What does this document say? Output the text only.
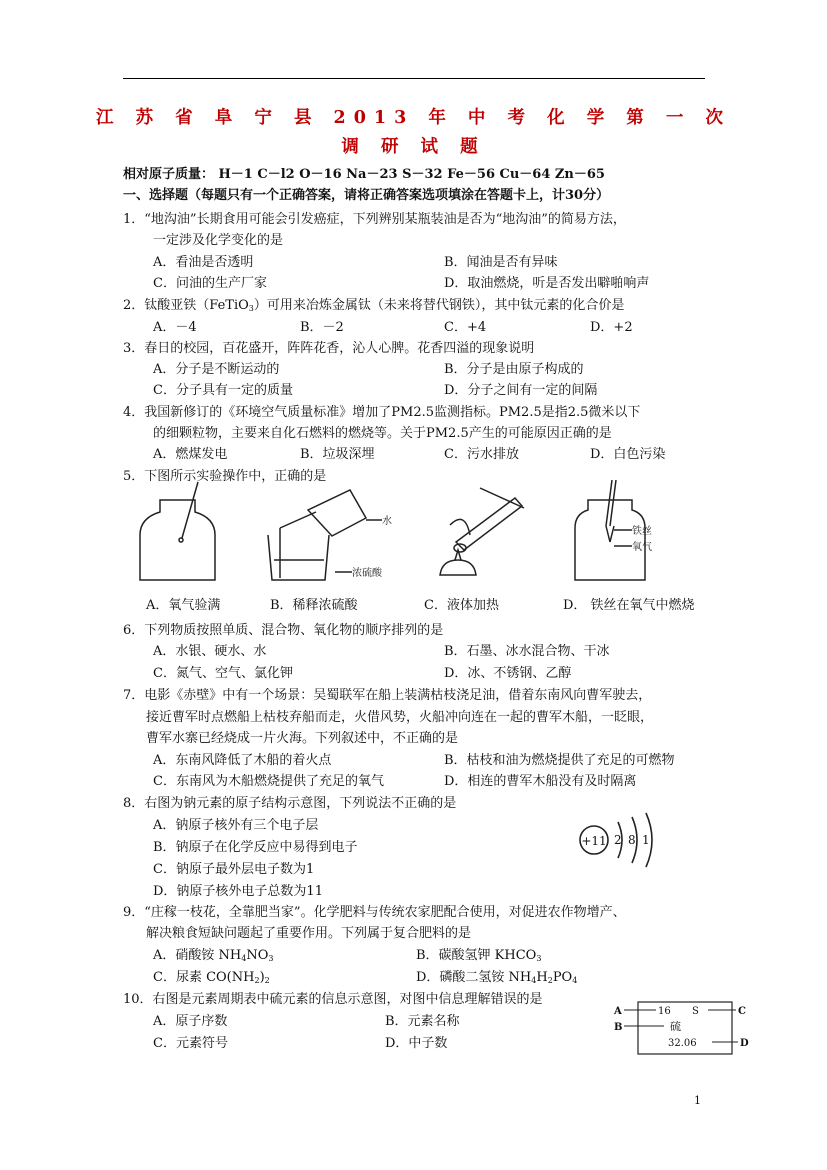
江 苏 省 阜 宁 县 2013 年 中 考 化 学 第 一 次
调 研 试 题
相对原子质量： H－1 C－l2 O－16 Na－23 S－32 Fe－56 Cu－64 Zn－65
一、选择题（每题只有一个正确答案，请将正确答案选项填涂在答题卡上，计30分）
1．“地沟油”长期食用可能会引发癌症，下列辨别某瓶装油是否为“地沟油”的简易方法，
一定涉及化学变化的是
A．看油是否透明	B．闻油是否有异味
C．问油的生产厂家	D．取油燃烧，听是否发出噼啪响声
2．钛酸亚铁（FeTiO$_3$）可用来冶炼金属钛（未来将替代钢铁），其中钛元素的化合价是
A．－4	B．－2	C．+4	D．+2
3．春日的校园，百花盛开，阵阵花香，沁人心脾。花香四溢的现象说明
A．分子是不断运动的	B．分子是由原子构成的
C．分子具有一定的质量	D．分子之间有一定的间隔
4．我国新修订的《环境空气质量标准》增加了PM2.5监测指标。PM2.5是指2.5微米以下
的细颗粒物，主要来自化石燃料的燃烧等。关于PM2.5产生的可能原因正确的是
A．燃煤发电	B．垃圾深埋	C．污水排放	D．白色污染
5．下图所示实验操作中，正确的是
水
浓硫酸
铁丝
氧气
A．氧气验满	B．稀释浓硫酸	C．液体加热	D． 铁丝在氧气中燃烧
6．下列物质按照单质、混合物、氧化物的顺序排列的是
A．水银、硬水、水	B．石墨、冰水混合物、干冰
C．氮气、空气、氯化钾	D．冰、不锈钢、乙醇
7．电影《赤壁》中有一个场景：吴蜀联军在船上装满枯枝浇足油，借着东南风向曹军驶去，
接近曹军时点燃船上枯枝弃船而走，火借风势，火船冲向连在一起的曹军木船，一眨眼，
曹军水寨已经烧成一片火海。下列叙述中，不正确的是
A．东南风降低了木船的着火点	B．枯枝和油为燃烧提供了充足的可燃物
C．东南风为木船燃烧提供了充足的氧气	D．相连的曹军木船没有及时隔离
8．右图为钠元素的原子结构示意图，下列说法不正确的是
A．钠原子核外有三个电子层
B．钠原子在化学反应中易得到电子
C．钠原子最外层电子数为1
D．钠原子核外电子总数为11
+11 2 8 1
9．“庄稼一枝花，全靠肥当家”。化学肥料与传统农家肥配合使用，对促进农作物增产、
解决粮食短缺问题起了重要作用。下列属于复合肥料的是
A．硝酸铵 $NH_4NO_3$	B．碳酸氢钾 $KHCO_3$
C．尿素 $CO(NH_2)_2$	D．磷酸二氢铵 $NH_4H_2PO_4$
10．右图是元素周期表中硫元素的信息示意图，对图中信息理解错误的是
A．原子序数	B．元素名称
C．元素符号	D．中子数
A
B
C
D
16 S
硫
32.06
1
